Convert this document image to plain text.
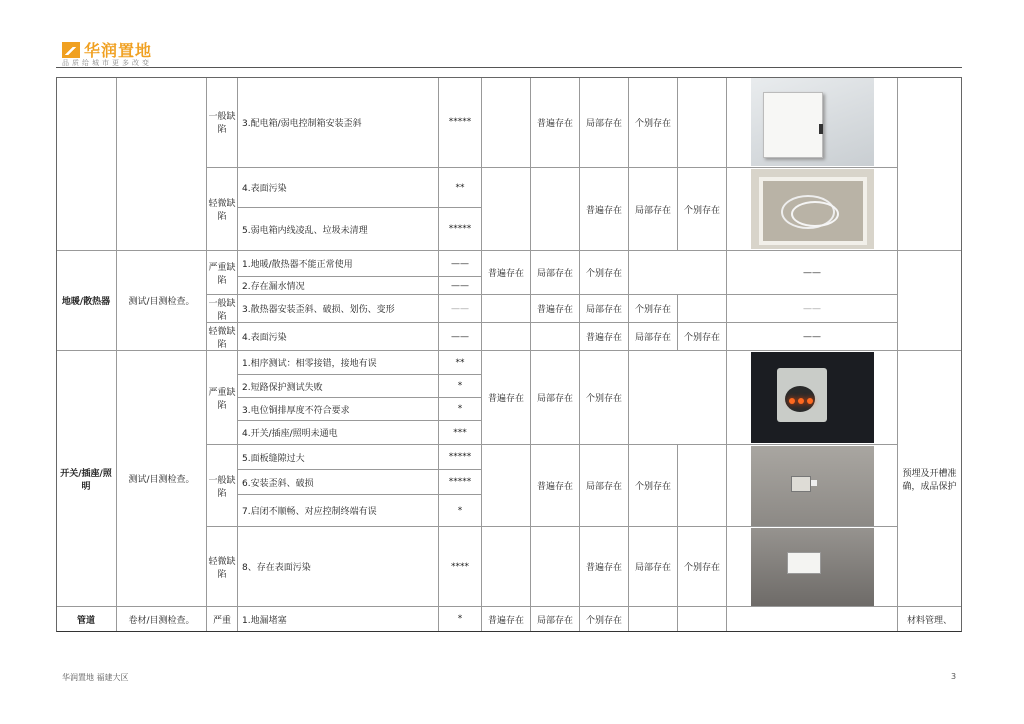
华润置地
品质给城市更多改变
一般缺陷
3.配电箱/弱电控制箱安装歪斜	*****	普遍存在	局部存在	个别存在
轻微缺陷
4.表面污染	**
5.弱电箱内线凌乱、垃圾未清理	*****
普遍存在	局部存在	个别存在
地暖/散热器	测试/目测检查。
严重缺陷
1.地暖/散热器不能正常使用	——
2.存在漏水情况	——
普遍存在	局部存在	个别存在	——
一般缺陷
3.散热器安装歪斜、破损、划伤、变形	——	普遍存在	局部存在	个别存在	——
轻微缺陷
4.表面污染	——	普遍存在	局部存在	个别存在	——
开关/插座/照明
测试/目测检查。
严重缺陷
1.相序测试：相零接错，接地有误	**
2.短路保护测试失败	*
3.电位铜排厚度不符合要求	*
4.开关/插座/照明未通电	***
普遍存在	局部存在	个别存在
预埋及开槽准确，成品保护
一般缺陷
5.面板缝隙过大	*****
6.安装歪斜、破损	*****
7.启闭不顺畅、对应控制终端有误	*
普遍存在	局部存在	个别存在
轻微缺陷
8、存在表面污染	****	普遍存在	局部存在	个别存在
管道	卷材/目测检查。	严重	1.地漏堵塞	*	普遍存在	局部存在	个别存在	材料管理、
华润置地 福建大区	3
